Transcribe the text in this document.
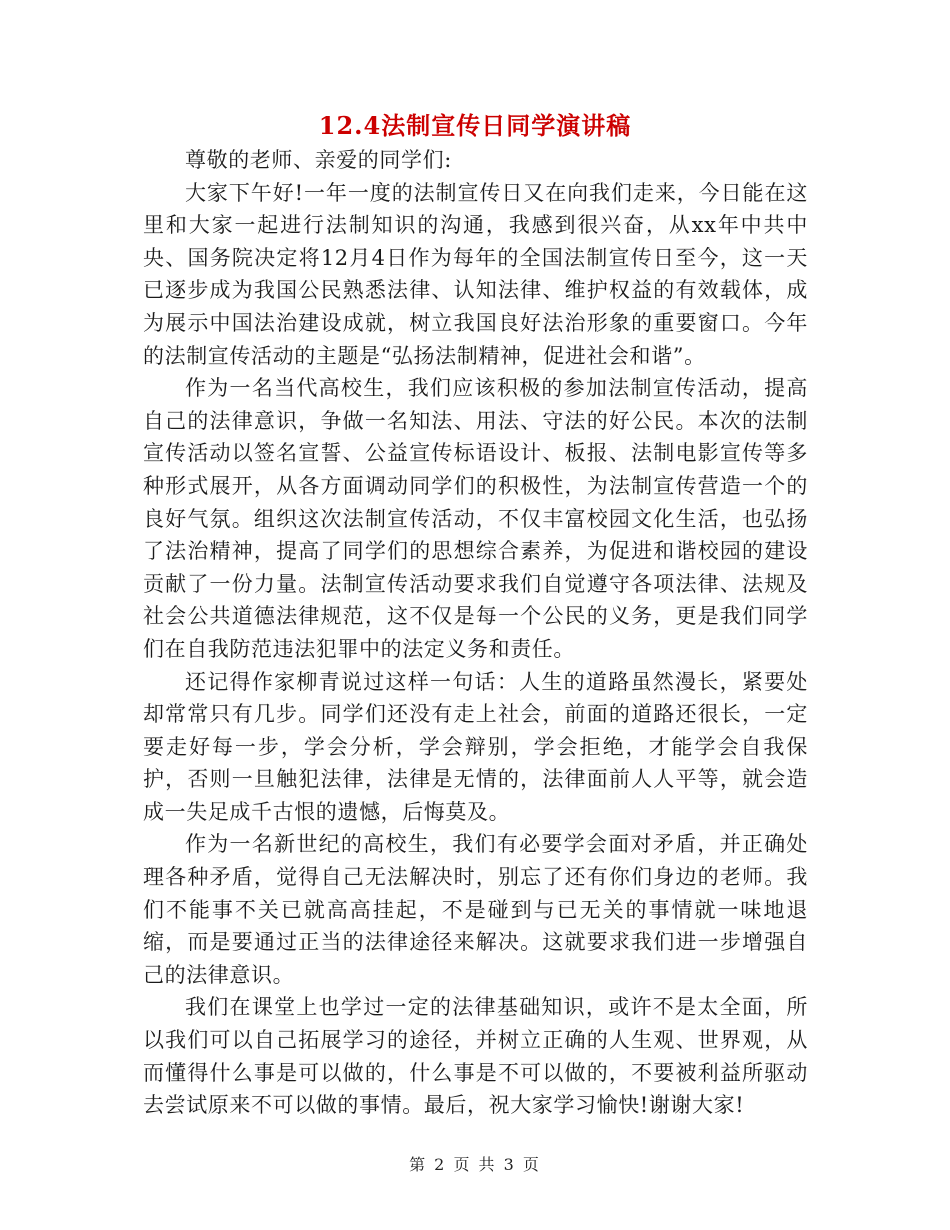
12.4法制宣传日同学演讲稿

尊敬的老师、亲爱的同学们:

大家下午好!一年一度的法制宣传日又在向我们走来，今日能在这里和大家一起进行法制知识的沟通，我感到很兴奋，从xx年中共中央、国务院决定将12月4日作为每年的全国法制宣传日至今，这一天已逐步成为我国公民熟悉法律、认知法律、维护权益的有效载体，成为展示中国法治建设成就，树立我国良好法治形象的重要窗口。今年的法制宣传活动的主题是“弘扬法制精神，促进社会和谐”。

作为一名当代高校生，我们应该积极的参加法制宣传活动，提高自己的法律意识，争做一名知法、用法、守法的好公民。本次的法制宣传活动以签名宣誓、公益宣传标语设计、板报、法制电影宣传等多种形式展开，从各方面调动同学们的积极性，为法制宣传营造一个的良好气氛。组织这次法制宣传活动，不仅丰富校园文化生活，也弘扬了法治精神，提高了同学们的思想综合素养，为促进和谐校园的建设贡献了一份力量。法制宣传活动要求我们自觉遵守各项法律、法规及社会公共道德法律规范，这不仅是每一个公民的义务，更是我们同学们在自我防范违法犯罪中的法定义务和责任。

还记得作家柳青说过这样一句话：人生的道路虽然漫长，紧要处却常常只有几步。同学们还没有走上社会，前面的道路还很长，一定要走好每一步，学会分析，学会辩别，学会拒绝，才能学会自我保护，否则一旦触犯法律，法律是无情的，法律面前人人平等，就会造成一失足成千古恨的遗憾，后悔莫及。

作为一名新世纪的高校生，我们有必要学会面对矛盾，并正确处理各种矛盾，觉得自己无法解决时，别忘了还有你们身边的老师。我们不能事不关已就高高挂起，不是碰到与已无关的事情就一味地退缩，而是要通过正当的法律途径来解决。这就要求我们进一步增强自己的法律意识。

我们在课堂上也学过一定的法律基础知识，或许不是太全面，所以我们可以自己拓展学习的途径，并树立正确的人生观、世界观，从而懂得什么事是可以做的，什么事是不可以做的，不要被利益所驱动去尝试原来不可以做的事情。最后，祝大家学习愉快!谢谢大家!

第 2 页 共 3 页
